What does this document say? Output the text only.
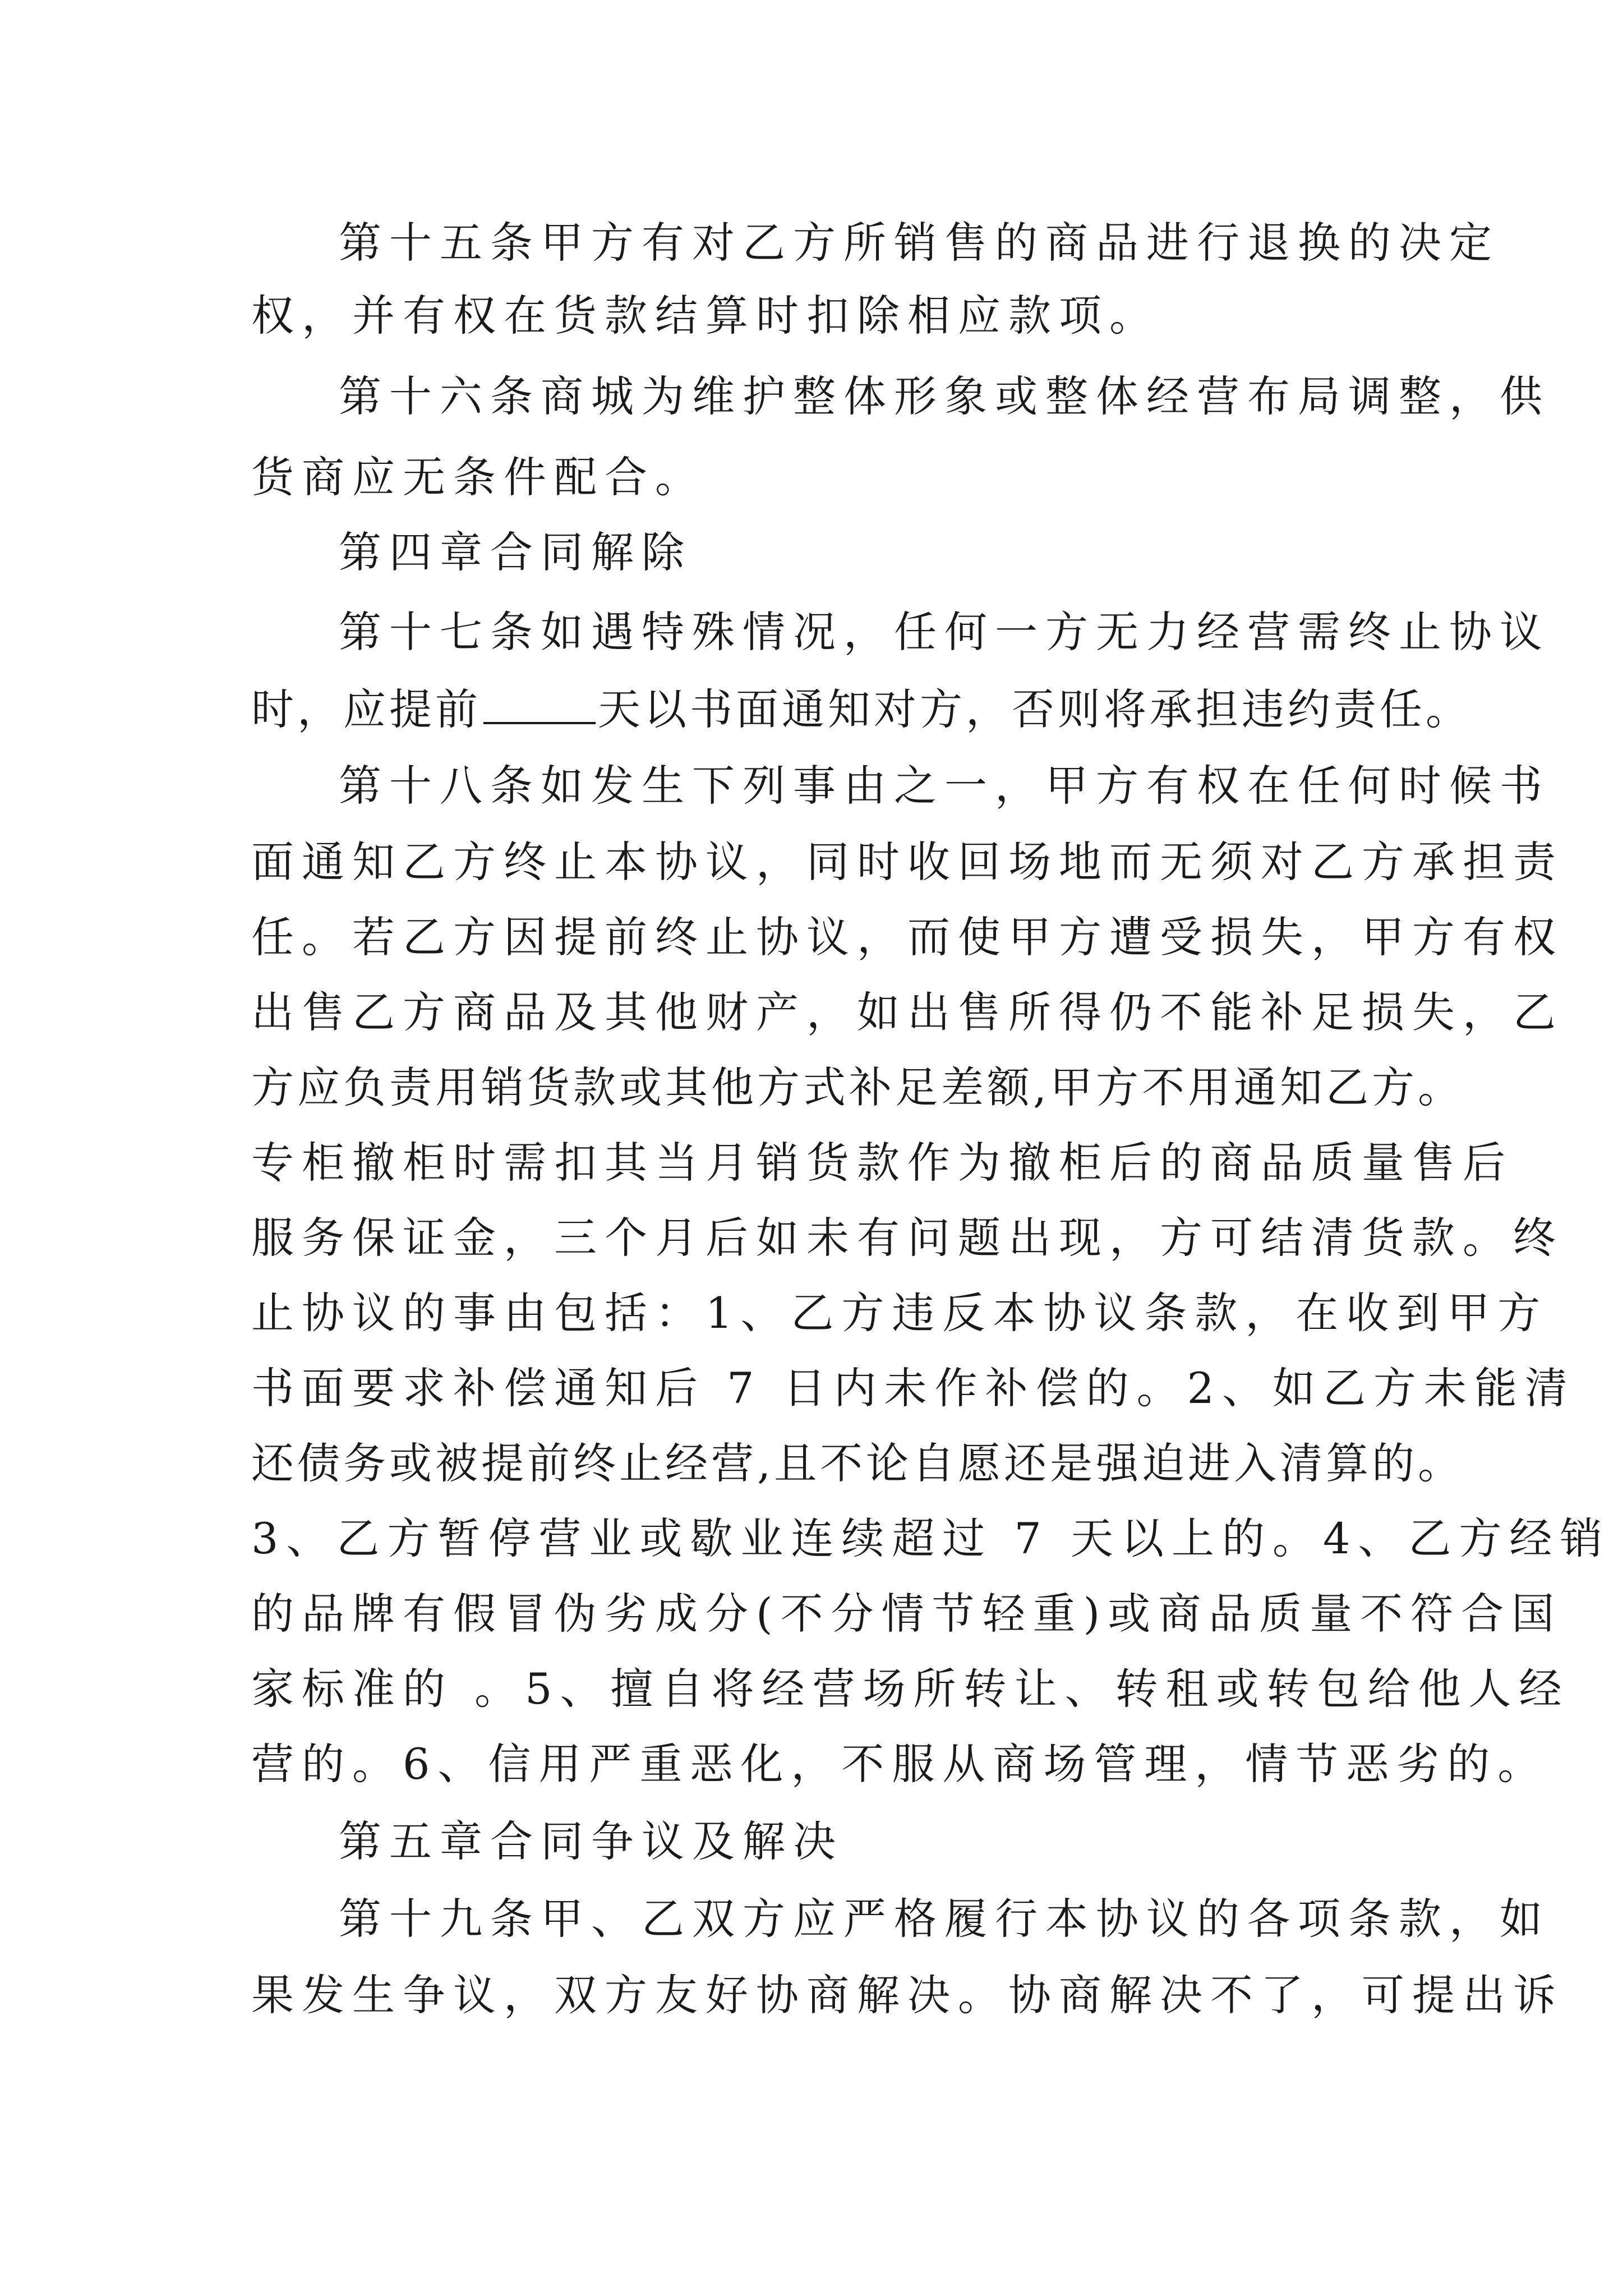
第十五条甲方有对乙方所销售的商品进行退换的决定
权，并有权在货款结算时扣除相应款项。
第十六条商城为维护整体形象或整体经营布局调整，供
货商应无条件配合。
第四章合同解除
第十七条如遇特殊情况，任何一方无力经营需终止协议
时，应提前	天以书面通知对方，否则将承担违约责任。
第十八条如发生下列事由之一，甲方有权在任何时候书
面通知乙方终止本协议，同时收回场地而无须对乙方承担责
任。若乙方因提前终止协议，而使甲方遭受损失，甲方有权
出售乙方商品及其他财产，如出售所得仍不能补足损失，乙
方应负责用销货款或其他方式补足差额,甲方不用通知乙方。
专柜撤柜时需扣其当月销货款作为撤柜后的商品质量售后
服务保证金，三个月后如未有问题出现，方可结清货款。终
止协议的事由包括：1、乙方违反本协议条款，在收到甲方
书面要求补偿通知后 7 日内未作补偿的。2、如乙方未能清
还债务或被提前终止经营,且不论自愿还是强迫进入清算的。
3、乙方暂停营业或歇业连续超过 7 天以上的。4、乙方经销
的品牌有假冒伪劣成分(不分情节轻重)或商品质量不符合国
家标准的 。5、擅自将经营场所转让、转租或转包给他人经
营的。6、信用严重恶化，不服从商场管理，情节恶劣的。
第五章合同争议及解决
第十九条甲、乙双方应严格履行本协议的各项条款，如
果发生争议，双方友好协商解决。协商解决不了，可提出诉
